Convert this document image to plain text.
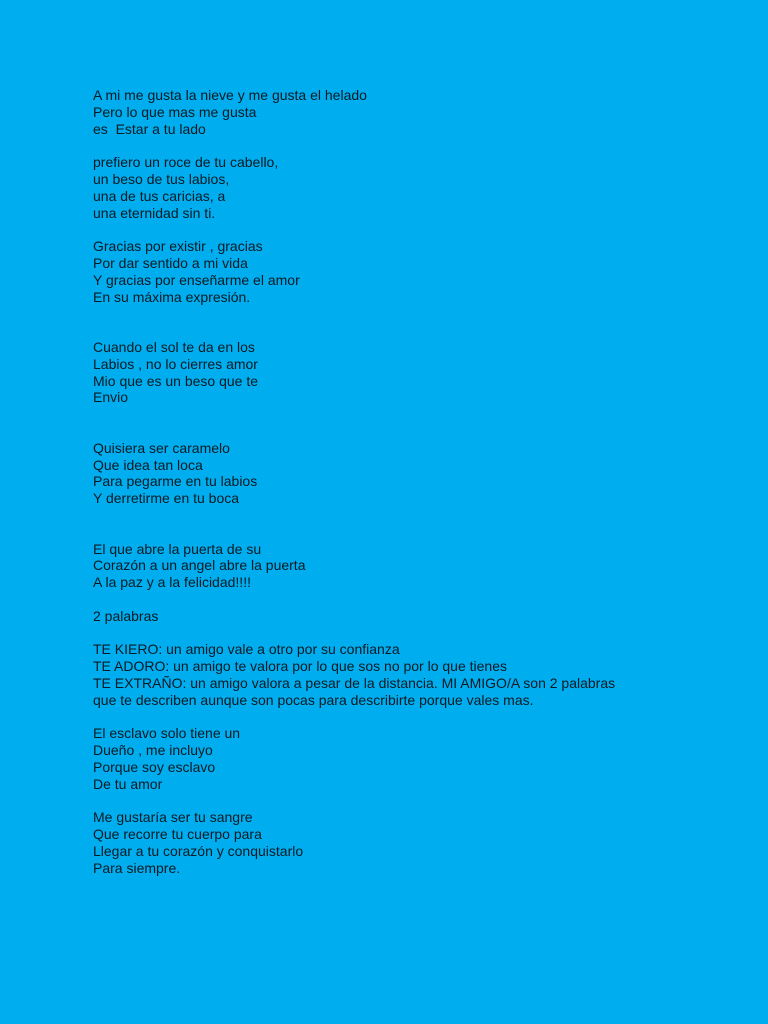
A mi me gusta la nieve y me gusta el helado
Pero lo que mas me gusta
es  Estar a tu lado
prefiero un roce de tu cabello,
un beso de tus labios,
una de tus caricias, a
una eternidad sin ti.
Gracias por existir , gracias
Por dar sentido a mi vida
Y gracias por enseñarme el amor
En su máxima expresión.
Cuando el sol te da en los
Labios , no lo cierres amor
Mio que es un beso que te
Envio
Quisiera ser caramelo
Que idea tan loca
Para pegarme en tu labios
Y derretirme en tu boca
El que abre la puerta de su
Corazón a un angel abre la puerta
A la paz y a la felicidad!!!!
2 palabras
TE KIERO: un amigo vale a otro por su confianza
TE ADORO: un amigo te valora por lo que sos no por lo que tienes
TE EXTRAÑO: un amigo valora a pesar de la distancia. MI AMIGO/A son 2 palabras
que te describen aunque son pocas para describirte porque vales mas.
El esclavo solo tiene un
Dueño , me incluyo
Porque soy esclavo
De tu amor
Me gustaría ser tu sangre
Que recorre tu cuerpo para
Llegar a tu corazón y conquistarlo
Para siempre.
